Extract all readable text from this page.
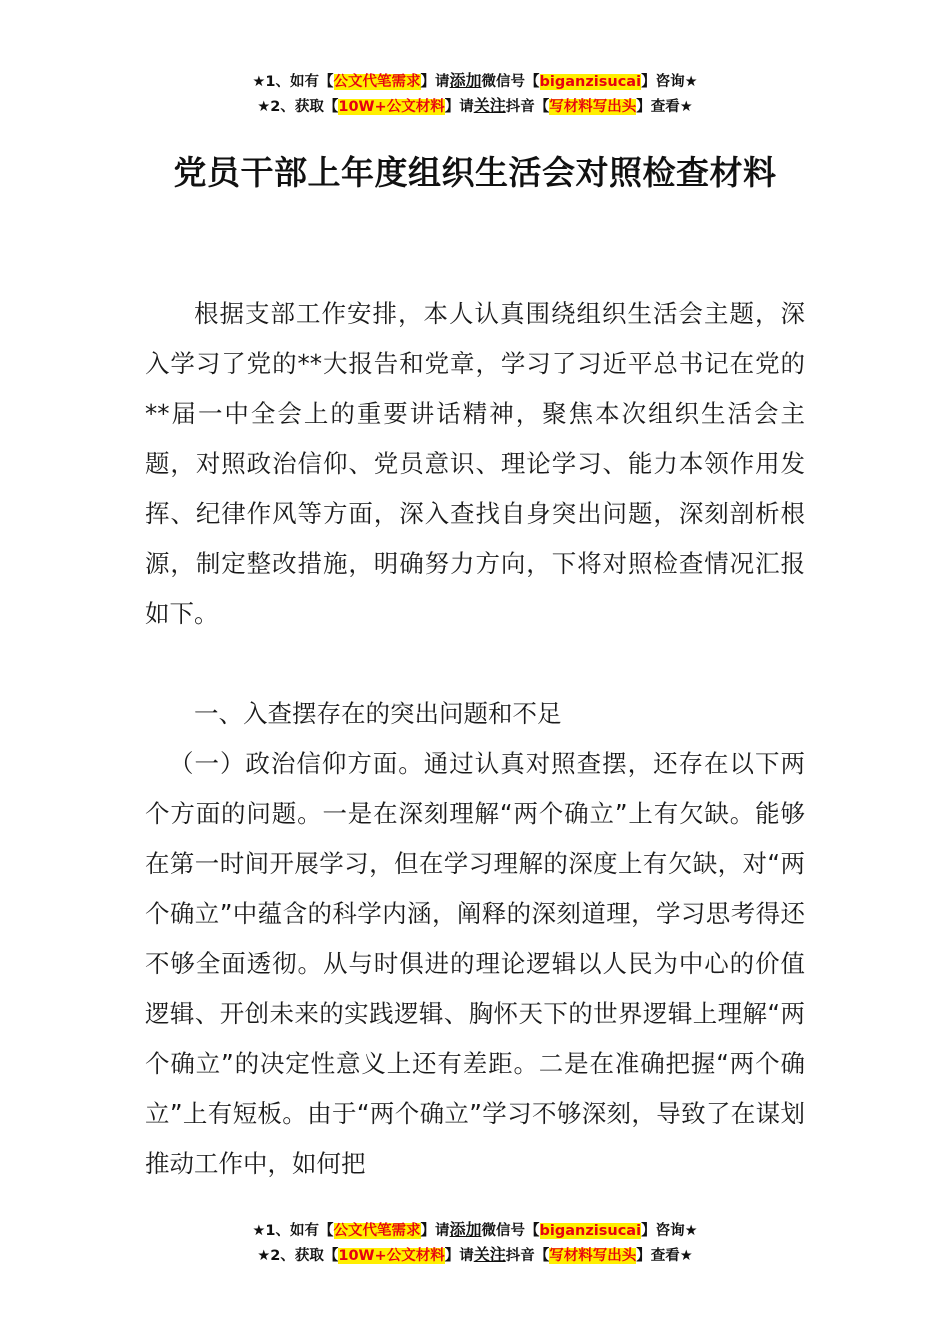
★1、如有【公文代笔需求】请添加微信号【biganzisucai】咨询★
★2、获取【10W+公文材料】请关注抖音【写材料写出头】查看★
党员干部上年度组织生活会对照检查材料

根据支部工作安排，本人认真围绕组织生活会主题，深入学习了党的**大报告和党章，学习了习近平总书记在党的**届一中全会上的重要讲话精神，聚焦本次组织生活会主题，对照政治信仰、党员意识、理论学习、能力本领作用发挥、纪律作风等方面，深入查找自身突出问题，深刻剖析根源，制定整改措施，明确努力方向，下将对照检查情况汇报如下。

一、入查摆存在的突出问题和不足

（一）政治信仰方面。通过认真对照查摆，还存在以下两个方面的问题。一是在深刻理解“两个确立”上有欠缺。能够在第一时间开展学习，但在学习理解的深度上有欠缺，对“两个确立”中蕴含的科学内涵，阐释的深刻道理，学习思考得还不够全面透彻。从与时俱进的理论逻辑以人民为中心的价值逻辑、开创未来的实践逻辑、胸怀天下的世界逻辑上理解“两个确立”的决定性意义上还有差距。二是在准确把握“两个确立”上有短板。由于“两个确立”学习不够深刻，导致了在谋划推动工作中，如何把

★1、如有【公文代笔需求】请添加微信号【biganzisucai】咨询★
★2、获取【10W+公文材料】请关注抖音【写材料写出头】查看★
